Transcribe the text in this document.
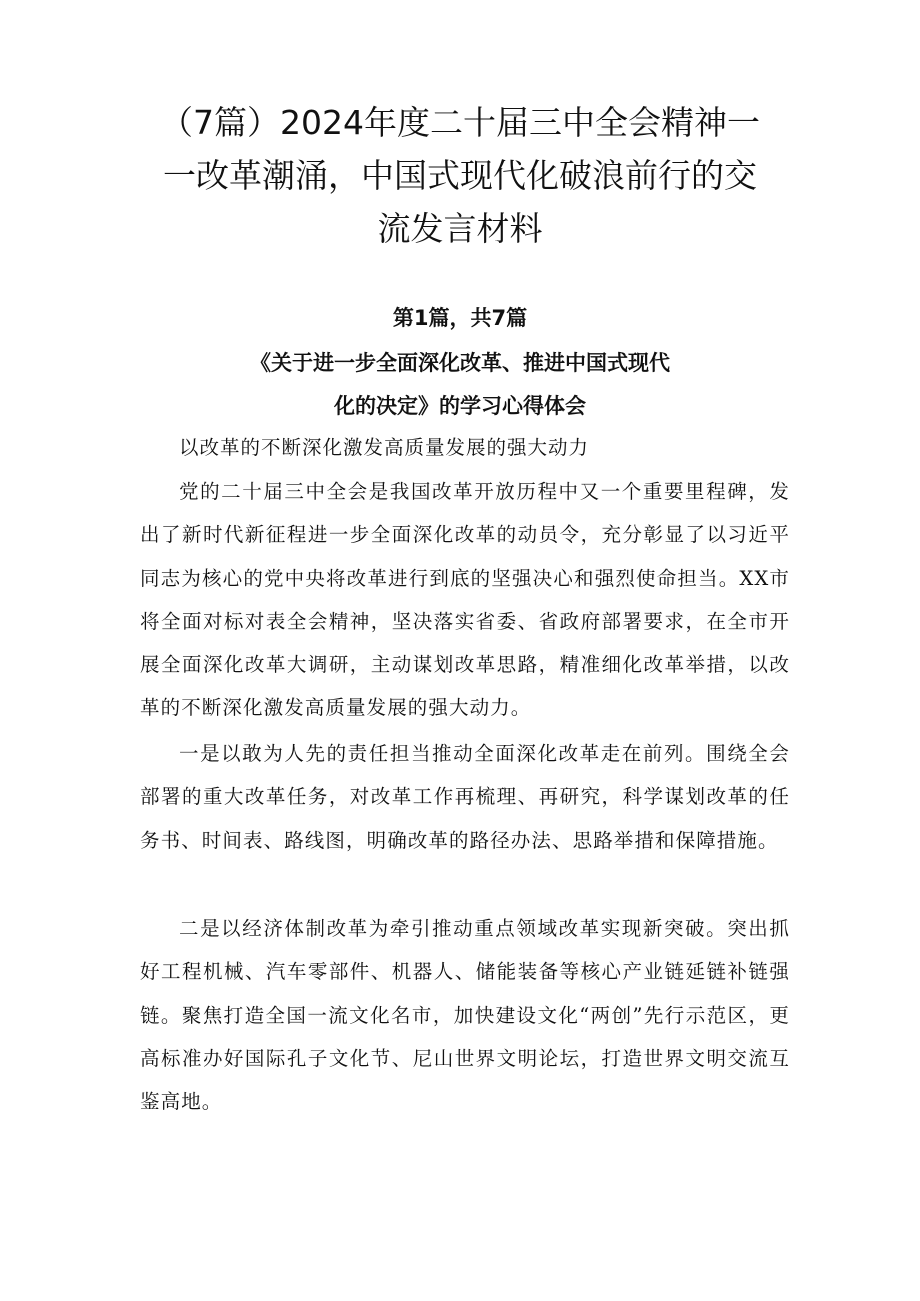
（7篇）2024年度二十届三中全会精神一
一改革潮涌，中国式现代化破浪前行的交
流发言材料
第1篇，共7篇
《关于进一步全面深化改革、推进中国式现代
化的决定》的学习心得体会

以改革的不断深化激发高质量发展的强大动力

党的二十届三中全会是我国改革开放历程中又一个重要里程碑，发出了新时代新征程进一步全面深化改革的动员令，充分彰显了以习近平同志为核心的党中央将改革进行到底的坚强决心和强烈使命担当。XX市将全面对标对表全会精神，坚决落实省委、省政府部署要求，在全市开展全面深化改革大调研，主动谋划改革思路，精准细化改革举措，以改革的不断深化激发高质量发展的强大动力。

一是以敢为人先的责任担当推动全面深化改革走在前列。围绕全会部署的重大改革任务，对改革工作再梳理、再研究，科学谋划改革的任务书、时间表、路线图，明确改革的路径办法、思路举措和保障措施。

二是以经济体制改革为牵引推动重点领域改革实现新突破。突出抓好工程机械、汽车零部件、机器人、储能装备等核心产业链延链补链强链。聚焦打造全国一流文化名市，加快建设文化“两创”先行示范区，更高标准办好国际孔子文化节、尼山世界文明论坛，打造世界文明交流互鉴高地。
